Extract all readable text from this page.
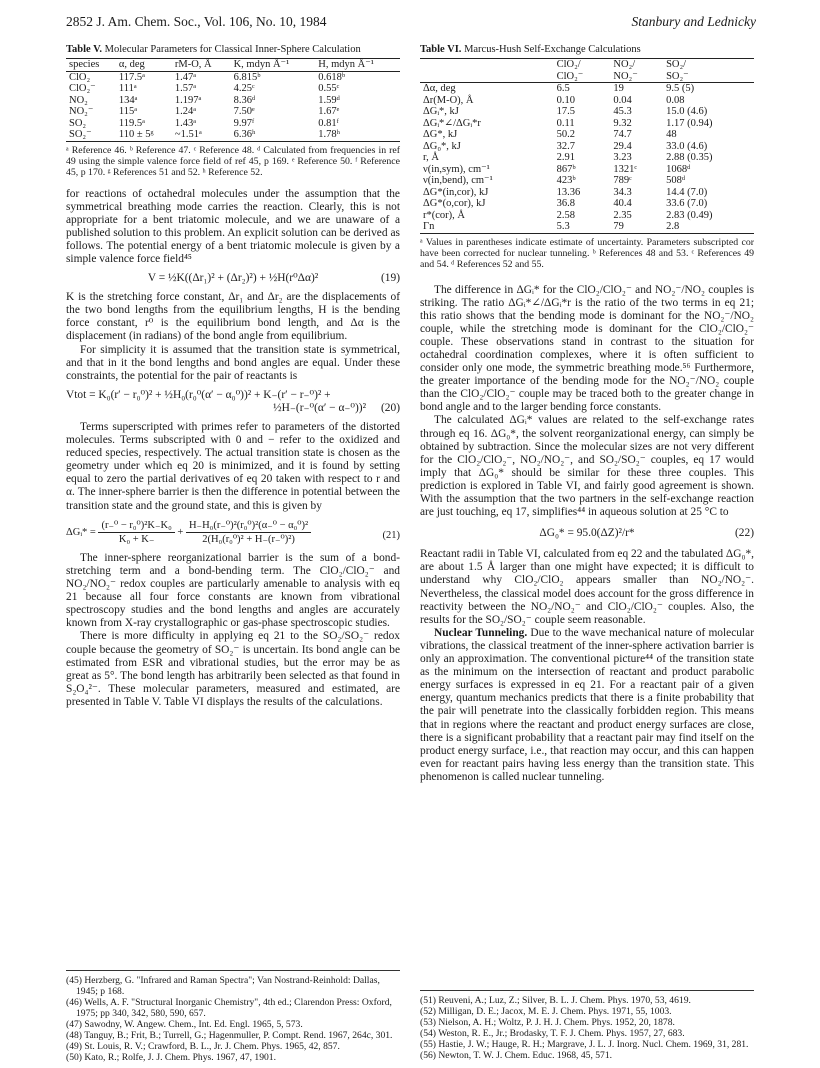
2852 J. Am. Chem. Soc., Vol. 106, No. 10, 1984	Stanbury and Lednicky
Table V. Molecular Parameters for Classical Inner-Sphere Calculation
species	α, deg	rM-O, Å	K, mdyn Å⁻¹	H, mdyn Å⁻¹
ClO₂	117.5ᵃ	1.47ᵃ	6.815ᵇ	0.618ᵇ
ClO₂⁻	111ᵃ	1.57ᵃ	4.25ᶜ	0.55ᶜ
NO₂	134ᵃ	1.197ᵃ	8.36ᵈ	1.59ᵈ
NO₂⁻	115ᵃ	1.24ᵃ	7.50ᵉ	1.67ᵉ
SO₂	119.5ᵃ	1.43ᵃ	9.97ᶠ	0.81ᶠ
SO₂⁻	110 ± 5ᵍ	~1.51ᵃ	6.36ʰ	1.78ʰ
ᵃ Reference 46. ᵇ Reference 47. ᶜ Reference 48. ᵈ Calculated from frequencies in ref 49 using the simple valence force field of ref 45, p 169. ᵉ Reference 50. ᶠ Reference 45, p 170. ᵍ References 51 and 52. ʰ Reference 52.

for reactions of octahedral molecules under the assumption that the symmetrical breathing mode carries the reaction. Clearly, this is not appropriate for a bent triatomic molecule, and we are unaware of a published solution to this problem. An explicit solution can be derived as follows. The potential energy of a bent triatomic molecule is given by a simple valence force field⁴⁵

V = ½K((Δr₁)² + (Δr₂)²) + ½H(r⁰Δα)²	(19)

K is the stretching force constant, Δr₁ and Δr₂ are the displacements of the two bond lengths from the equilibrium lengths, H is the bending force constant, r⁰ is the equilibrium bond length, and Δα is the displacement (in radians) of the bond angle from equilibrium.

For simplicity it is assumed that the transition state is symmetrical, and that in it the bond lengths and bond angles are equal. Under these constraints, the potential for the pair of reactants is

Vtot = K₀(r′ − r₀⁰)² + ½H₀(r₀⁰(α′ − α₀⁰))² + K₋(r′ − r₋⁰)² +
½H₋(r₋⁰(α′ − α₋⁰))² (20)

Terms superscripted with primes refer to parameters of the distorted molecules. Terms subscripted with 0 and − refer to the oxidized and reduced species, respectively. The actual transition state is chosen as the geometry under which eq 20 is minimized, and it is found by setting equal to zero the partial derivatives of eq 20 taken with respect to r and α. The inner-sphere barrier is then the difference in potential between the transition state and the ground state, and this is given by

ΔGᵢ* = $\frac{\text{(r₋⁰ − r₀⁰)²K₋K₀}}{\text{K₀ + K₋}} + \frac{\text{H₋H₀(r₋⁰)²(r₀⁰)²(α₋⁰ − α₀⁰)²}}{\text{2(H₀(r₀⁰)² + H₋(r₋⁰)²)}}$	(21)

The inner-sphere reorganizational barrier is the sum of a bond-stretching term and a bond-bending term. The ClO₂/ClO₂⁻ and NO₂/NO₂⁻ redox couples are particularly amenable to analysis with eq 21 because all four force constants are known from vibrational spectroscopy studies and the bond lengths and angles are accurately known from X-ray crystallographic or gas-phase spectroscopic studies.

There is more difficulty in applying eq 21 to the SO₂/SO₂⁻ redox couple because the geometry of SO₂⁻ is uncertain. Its bond angle can be estimated from ESR and vibrational studies, but the error may be as great as 5°. The bond length has arbitrarily been selected as that found in S₂O₄²⁻. These molecular parameters, measured and estimated, are presented in Table V. Table VI displays the results of the calculations.

Table VI. Marcus-Hush Self-Exchange Calculations
	ClO₂/	NO₂/	SO₂/
	ClO₂⁻	NO₂⁻	SO₂⁻
Δα, deg	6.5	19	9.5 (5)
Δr(M-O), Å	0.10	0.04	0.08
ΔGᵢ*, kJ	17.5	45.3	15.0 (4.6)
ΔGᵢ*∠/ΔGᵢ*r	0.11	9.32	1.17 (0.94)
ΔG*, kJ	50.2	74.7	48
ΔG₀*, kJ	32.7	29.4	33.0 (4.6)
r, Å	2.91	3.23	2.88 (0.35)
ν(in,sym), cm⁻¹	867ᵇ	1321ᶜ	1068ᵈ
ν(in,bend), cm⁻¹	423ᵇ	789ᶜ	508ᵈ
ΔG*(in,cor), kJ	13.36	34.3	14.4 (7.0)
ΔG*(o,cor), kJ	36.8	40.4	33.6 (7.0)
r*(cor), Å	2.58	2.35	2.83 (0.49)
Γn	5.3	79	2.8
ᵃ Values in parentheses indicate estimate of uncertainty. Parameters subscripted cor have been corrected for nuclear tunneling. ᵇ References 48 and 53. ᶜ References 49 and 54. ᵈ References 52 and 55.

The difference in ΔGᵢ* for the ClO₂/ClO₂⁻ and NO₂⁻/NO₂ couples is striking. The ratio ΔGᵢ*∠/ΔGᵢ*r is the ratio of the two terms in eq 21; this ratio shows that the bending mode is dominant for the NO₂⁻/NO₂ couple, while the stretching mode is dominant for the ClO₂/ClO₂⁻ couple. These observations stand in contrast to the situation for octahedral coordination complexes, where it is often sufficient to consider only one mode, the symmetric breathing mode.⁵⁶ Furthermore, the greater importance of the bending mode for the NO₂⁻/NO₂ couple than the ClO₂/ClO₂⁻ couple may be traced both to the greater change in bond angle and to the larger bending force constants.

The calculated ΔGᵢ* values are related to the self-exchange rates through eq 16. ΔG₀*, the solvent reorganizational energy, can simply be obtained by subtraction. Since the molecular sizes are not very different for the ClO₂/ClO₂⁻, NO₂/NO₂⁻, and SO₂/SO₂⁻ couples, eq 17 would imply that ΔG₀* should be similar for these three couples. This prediction is explored in Table VI, and fairly good agreement is shown. With the assumption that the two partners in the self-exchange reaction are just touching, eq 17, simplifies⁴⁴ in aqueous solution at 25 °C to

ΔG₀* = 95.0(ΔZ)²/r*	(22)

Reactant radii in Table VI, calculated from eq 22 and the tabulated ΔG₀*, are about 1.5 Å larger than one might have expected; it is difficult to understand why ClO₂/ClO₂ appears smaller than NO₂/NO₂⁻. Nevertheless, the classical model does account for the gross difference in reactivity between the NO₂/NO₂⁻ and ClO₂/ClO₂⁻ couples. Also, the results for the SO₂/SO₂⁻ couple seem reasonable.

Nuclear Tunneling. Due to the wave mechanical nature of molecular vibrations, the classical treatment of the inner-sphere activation barrier is only an approximation. The conventional picture⁴⁴ of the transition state as the minimum on the intersection of reactant and product parabolic energy surfaces is expressed in eq 21. For a reactant pair of a given energy, quantum mechanics predicts that there is a finite probability that the pair will penetrate into the classically forbidden region. This means that in regions where the reactant and product energy surfaces are close, there is a significant probability that a reactant pair may find itself on the product energy surface, i.e., that reaction may occur, and this can happen even for reactant pairs having less energy than the transition state. This phenomenon is called nuclear tunneling.

(45) Herzberg, G. "Infrared and Raman Spectra"; Van Nostrand-Reinhold: Dallas, 1945; p 168.
(46) Wells, A. F. "Structural Inorganic Chemistry", 4th ed.; Clarendon Press: Oxford, 1975; pp 340, 342, 580, 590, 657.
(47) Sawodny, W. Angew. Chem., Int. Ed. Engl. 1965, 5, 573.
(48) Tanguy, B.; Frit, B.; Turrell, G.; Hagenmuller, P. Compt. Rend. 1967, 264c, 301.
(49) St. Louis, R. V.; Crawford, B. L., Jr. J. Chem. Phys. 1965, 42, 857.
(50) Kato, R.; Rolfe, J. J. Chem. Phys. 1967, 47, 1901.
(51) Reuveni, A.; Luz, Z.; Silver, B. L. J. Chem. Phys. 1970, 53, 4619.
(52) Milligan, D. E.; Jacox, M. E. J. Chem. Phys. 1971, 55, 1003.
(53) Nielson, A. H.; Woltz, P. J. H. J. Chem. Phys. 1952, 20, 1878.
(54) Weston, R. E., Jr.; Brodasky, T. F. J. Chem. Phys. 1957, 27, 683.
(55) Hastie, J. W.; Hauge, R. H.; Margrave, J. L. J. Inorg. Nucl. Chem. 1969, 31, 281.
(56) Newton, T. W. J. Chem. Educ. 1968, 45, 571.
